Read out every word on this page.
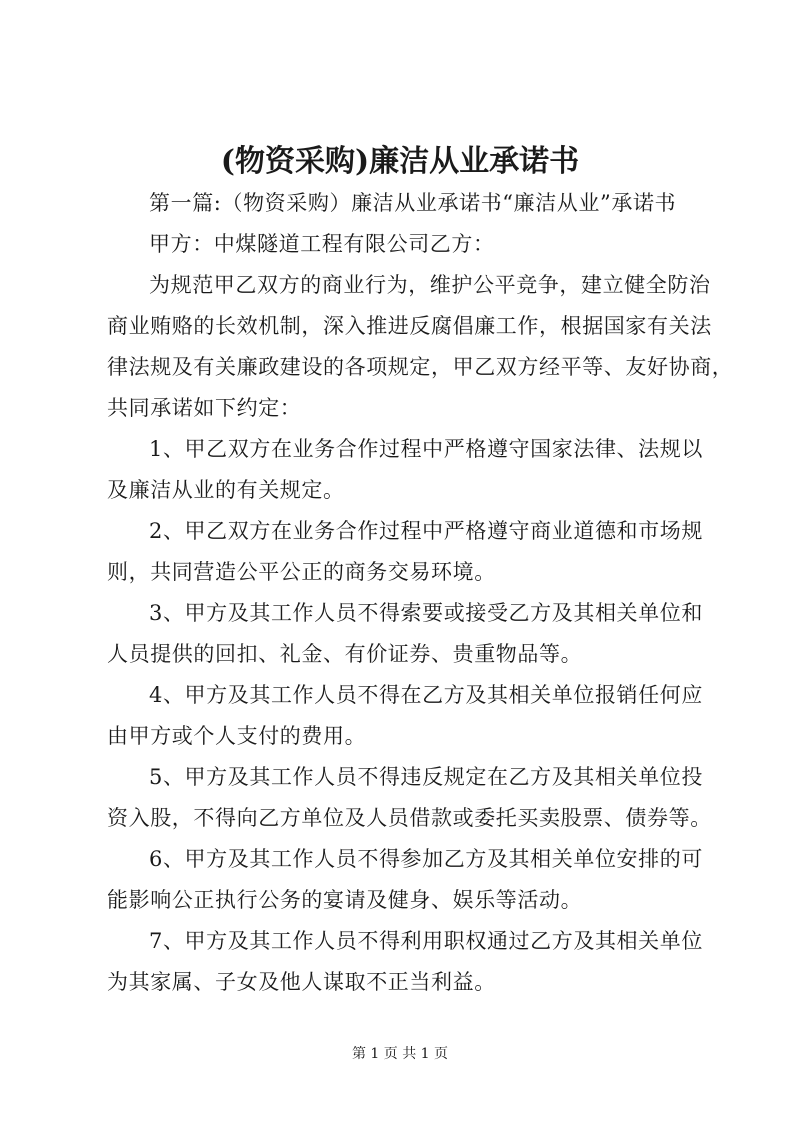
(物资采购)廉洁从业承诺书
第一篇:（物资采购）廉洁从业承诺书“廉洁从业”承诺书
甲方：中煤隧道工程有限公司乙方：
为规范甲乙双方的商业行为，维护公平竞争，建立健全防治
商业贿赂的长效机制，深入推进反腐倡廉工作，根据国家有关法
律法规及有关廉政建设的各项规定，甲乙双方经平等、友好协商，
共同承诺如下约定：
1、甲乙双方在业务合作过程中严格遵守国家法律、法规以
及廉洁从业的有关规定。
2、甲乙双方在业务合作过程中严格遵守商业道德和市场规
则，共同营造公平公正的商务交易环境。
3、甲方及其工作人员不得索要或接受乙方及其相关单位和
人员提供的回扣、礼金、有价证券、贵重物品等。
4、甲方及其工作人员不得在乙方及其相关单位报销任何应
由甲方或个人支付的费用。
5、甲方及其工作人员不得违反规定在乙方及其相关单位投
资入股，不得向乙方单位及人员借款或委托买卖股票、债券等。
6、甲方及其工作人员不得参加乙方及其相关单位安排的可
能影响公正执行公务的宴请及健身、娱乐等活动。
7、甲方及其工作人员不得利用职权通过乙方及其相关单位
为其家属、子女及他人谋取不正当利益。
第 1 页 共 1 页
